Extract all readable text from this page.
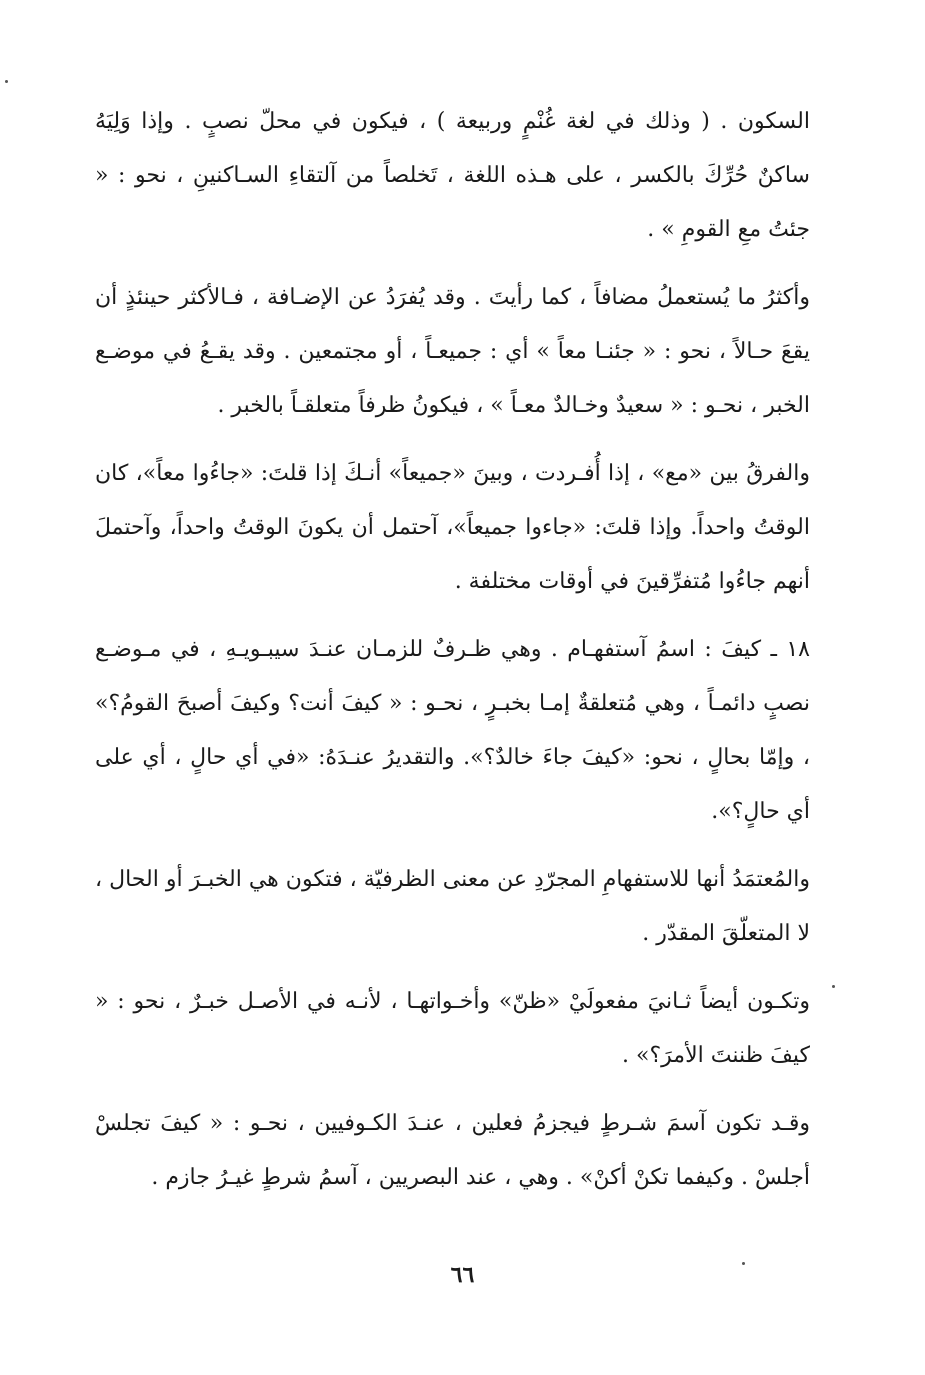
السكون . ( وذلك في لغة غُنْمٍ وربيعة ) ، فيكون في محلّ نصبٍ . وإذا وَلِيَهُ ساكنٌ حُرِّكَ بالكسر ، على هـذه اللغة ، تَخلصاً من آلتقاءِ السـاكنينِ ، نحو : « جئتُ معِ القومِ » .

وأكثرُ ما يُستعملُ مضافاً ، كما رأيتَ . وقد يُفرَدُ عن الإضـافة ، فـالأكثر حينئذٍ أن يقعَ حـالاً ، نحو : « جئنـا معاً » أي : جميعـاً ، أو مجتمعين . وقد يقـعُ في موضـع الخبر ، نحـو : « سعيدٌ وخـالدٌ معـاً » ، فيكونُ ظرفاً متعلقـاً بالخبر .

والفرقُ بين «مع» ، إذا أُفـردت ، وبينَ «جميعاً» أنـكَ إذا قلتَ: «جاءُوا معاً»، كان الوقتُ واحداً. وإذا قلتَ: «جاءوا جميعاً»، آحتمل أن يكونَ الوقتُ واحداً، وآحتملَ أنهم جاءُوا مُتفرِّقينَ في أوقات مختلفة .

١٨ ـ كيفَ : اسمُ آستفهـام . وهي ظـرفٌ للزمـان عنـدَ سيبـويـهِ ، في مـوضـع نصبٍ دائمـاً ، وهي مُتعلقةٌ إمـا بخبـرٍ ، نحـو : « كيفَ أنت؟ وكيفَ أصبحَ القومُ؟» ، وإمّا بحالٍ ، نحو: «كيفَ جاءَ خالدٌ؟». والتقديرُ عنـدَهُ: «في أي حالٍ ، أي على أي حالٍ؟».

والمُعتمَدُ أنها للاستفهامِ المجرّدِ عن معنى الظرفيّة ، فتكون هي الخبـرَ أو الحال ، لا المتعلّقَ المقدّر .

وتكـون أيضاً ثـانيَ مفعولَيْ «ظنّ» وأخـواتهـا ، لأنـه في الأصـل خبـرٌ ، نحو : « كيفَ ظننتَ الأمرَ؟» .

وقـد تكون آسمَ شـرطٍ فيجزمُ فعلين ، عنـدَ الكـوفيين ، نحـو : « كيفَ تجلسْ أجلسْ . وكيفما تكنْ أكنْ» . وهي ، عند البصريين ، آسمُ شرطٍ غيـرُ جازم .

٦٦
